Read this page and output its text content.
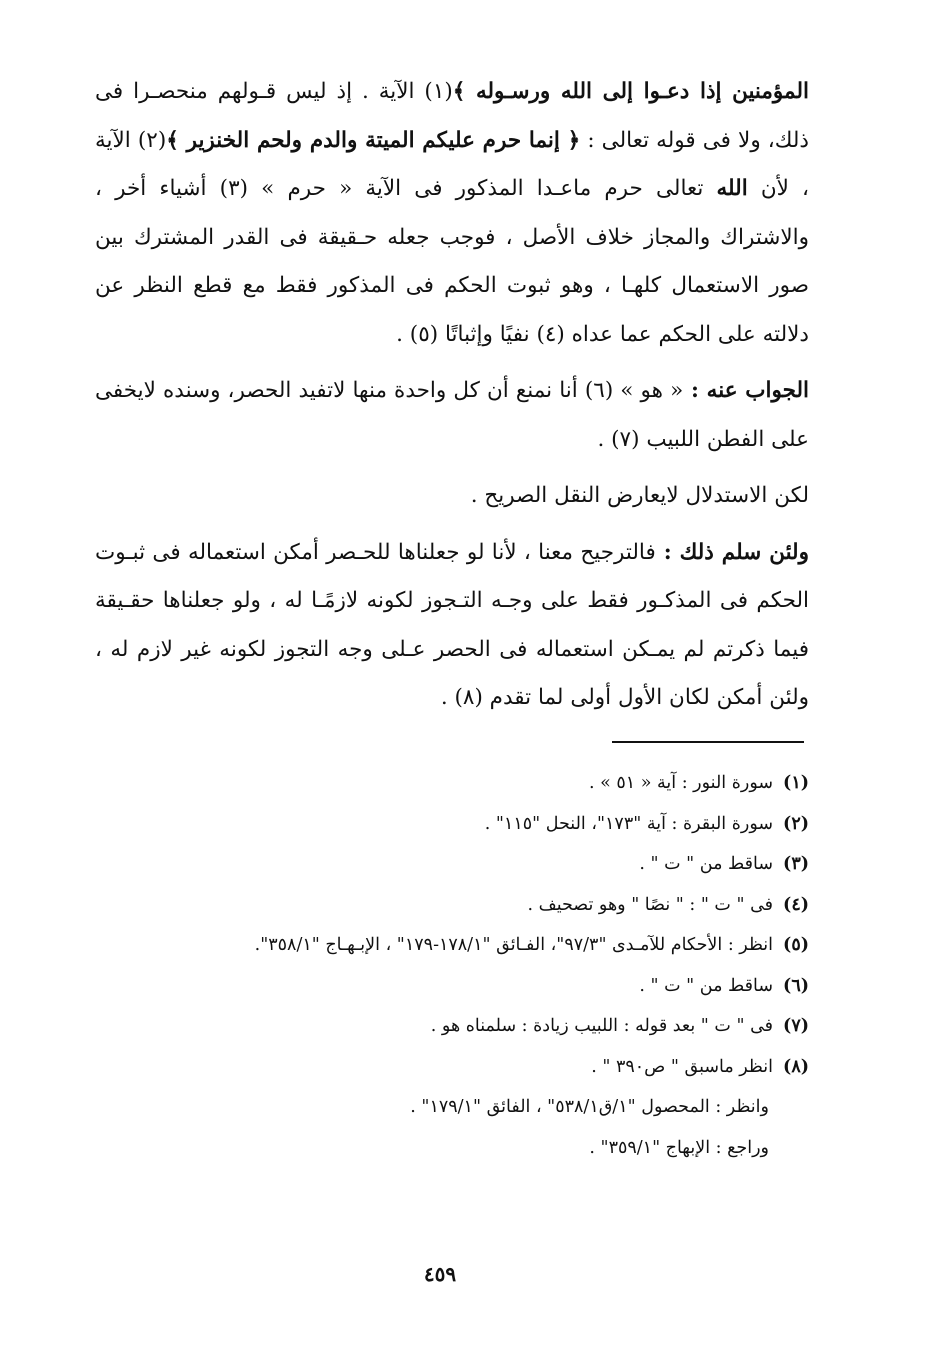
المؤمنين إذا دعـوا إلى الله ورسـوله ﴾(١) الآية . إذ ليس قـولهم منحصـرا فى ذلك، ولا فى قوله تعالى : ﴿ إنما حرم عليكم الميتة والدم ولحم الخنزير ﴾(٢) الآية ، لأن الله تعالى حرم ماعـدا المذكور فى الآية « حرم » (٣) أشياء أخر ، والاشتراك والمجاز خلاف الأصل ، فوجب جعله حـقيقة فى القدر المشترك بين صور الاستعمال كلهـا ، وهو ثبوت الحكم فى المذكور فقط مع قطع النظر عن دلالته على الحكم عما عداه (٤) نفيًا وإثباتًا (٥) .

الجواب عنه : « هو » (٦) أنا نمنع أن كل واحدة منها لاتفيد الحصر، وسنده لايخفى على الفطن اللبيب (٧) .

لكن الاستدلال لايعارض النقل الصريح .

ولئن سلم ذلك : فالترجيح معنا ، لأنا لو جعلناها للحـصر أمكن استعماله فى ثبـوت الحكم فى المذكـور فقط على وجـه التـجوز لكونه لازمًـا له ، ولو جعلناها حقـيقة فيما ذكرتم لم يمـكن استعماله فى الحصر عـلى وجه التجوز لكونه غير لازم له ، ولئن أمكن لكان الأول أولى لما تقدم (٨) .

(١)
سورة النور : آية « ٥١ » .
(٢)
سورة البقرة : آية "١٧٣"، النحل "١١٥" .
(٣)
ساقط من " ت " .
(٤)
فى " ت " : " نصًا " وهو تصحيف .
(٥)
انظر : الأحكام للآمـدى "٩٧/٣"، الفـائق "١٧٨/١-١٧٩" ، الإبـهـاج "٣٥٨/١".
(٦)
ساقط من " ت " .
(٧)
فى " ت " بعد قوله : اللبيب زيادة : سلمناه هو .
(٨)
انظر ماسبق " ص٣٩٠ " .
وانظر : المحصول "١/ق٥٣٨/١" ، الفائق "١٧٩/١" .
وراجع : الإبهاج "٣٥٩/١" .
٤٥٩
